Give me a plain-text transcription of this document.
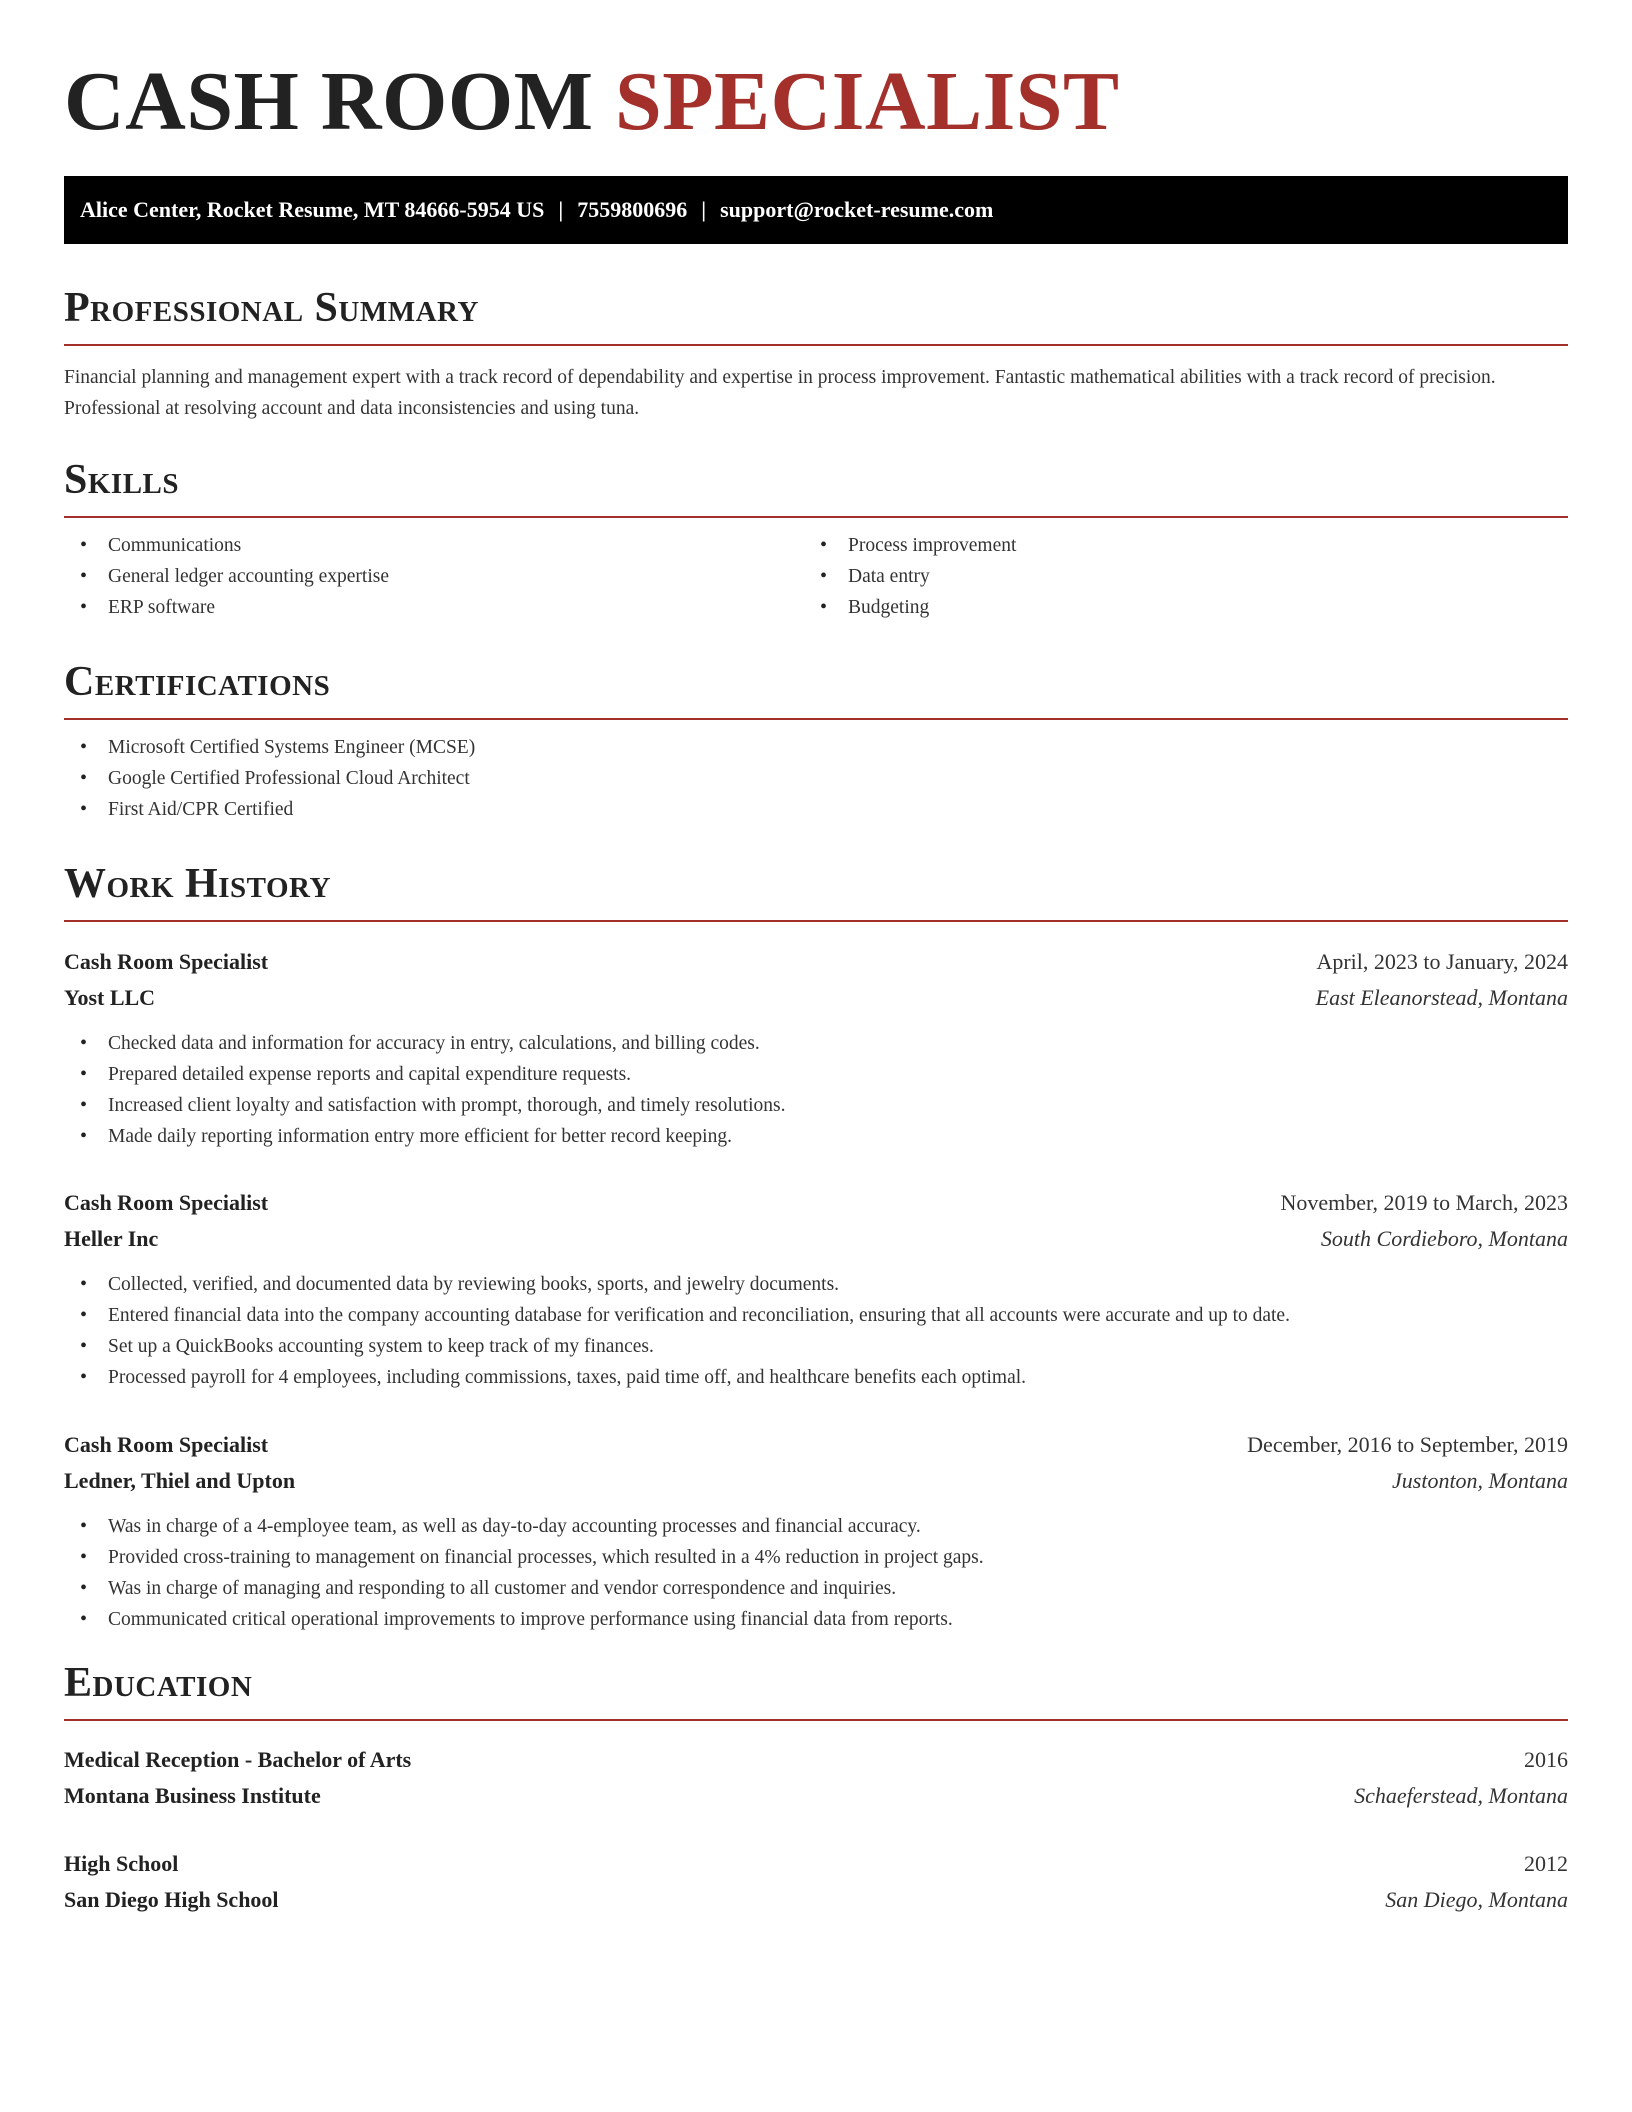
CASH ROOM SPECIALIST
Alice Center, Rocket Resume, MT 84666-5954 US | 7559800696 | support@rocket-resume.com
Professional Summary

Financial planning and management expert with a track record of dependability and expertise in process improvement. Fantastic mathematical abilities with a track record of precision. Professional at resolving account and data inconsistencies and using tuna.

Skills
• Communications
• General ledger accounting expertise
• ERP software
• Process improvement
• Data entry
• Budgeting
Certifications
• Microsoft Certified Systems Engineer (MCSE)
• Google Certified Professional Cloud Architect
• First Aid/CPR Certified
Work History
Cash Room Specialist	April, 2023 to January, 2024
Yost LLC	East Eleanorstead, Montana
• Checked data and information for accuracy in entry, calculations, and billing codes.
• Prepared detailed expense reports and capital expenditure requests.
• Increased client loyalty and satisfaction with prompt, thorough, and timely resolutions.
• Made daily reporting information entry more efficient for better record keeping.
Cash Room Specialist	November, 2019 to March, 2023
Heller Inc	South Cordieboro, Montana
• Collected, verified, and documented data by reviewing books, sports, and jewelry documents.
• Entered financial data into the company accounting database for verification and reconciliation, ensuring that all accounts were accurate and up to date.
• Set up a QuickBooks accounting system to keep track of my finances.
• Processed payroll for 4 employees, including commissions, taxes, paid time off, and healthcare benefits each optimal.
Cash Room Specialist	December, 2016 to September, 2019
Ledner, Thiel and Upton	Justonton, Montana
• Was in charge of a 4-employee team, as well as day-to-day accounting processes and financial accuracy.
• Provided cross-training to management on financial processes, which resulted in a 4% reduction in project gaps.
• Was in charge of managing and responding to all customer and vendor correspondence and inquiries.
• Communicated critical operational improvements to improve performance using financial data from reports.
Education
Medical Reception - Bachelor of Arts	2016
Montana Business Institute	Schaeferstead, Montana
High School	2012
San Diego High School	San Diego, Montana
